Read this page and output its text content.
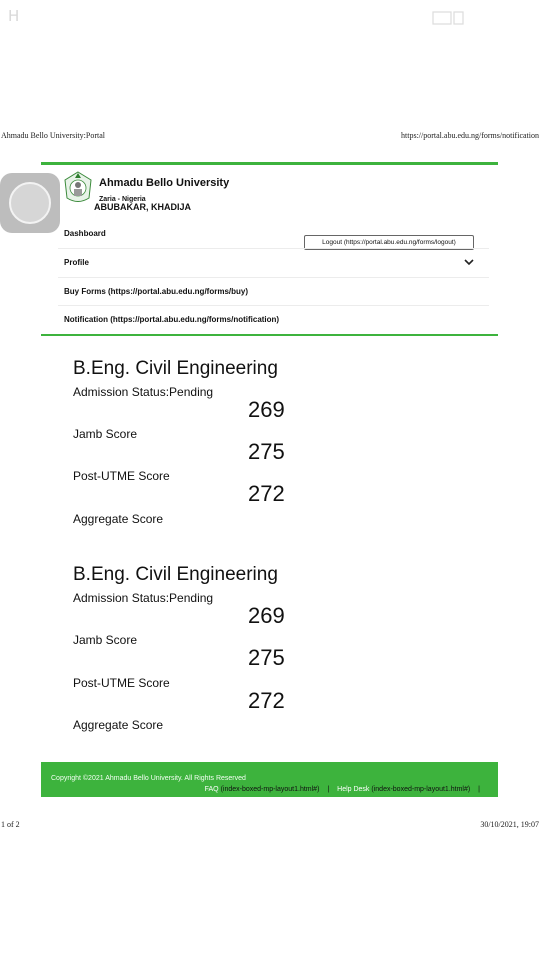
H
Ahmadu Bello University:Portal	https://portal.abu.edu.ng/forms/notification
Ahmadu Bello University
Zaria - Nigeria
ABUBAKAR, KHADIJA
Dashboard
Logout (https://portal.abu.edu.ng/forms/logout)
Profile
Buy Forms (https://portal.abu.edu.ng/forms/buy)
Notification (https://portal.abu.edu.ng/forms/notification)
B.Eng. Civil Engineering
Admission Status:Pending
269
Jamb Score
275
Post-UTME Score
272
Aggregate Score
B.Eng. Civil Engineering
Admission Status:Pending
269
Jamb Score
275
Post-UTME Score
272
Aggregate Score
Copyright ©2021 Ahmadu Bello University. All Rights Reserved
FAQ (index-boxed-mp-layout1.html#) | Help Desk (index-boxed-mp-layout1.html#) |
1 of 2	30/10/2021, 19:07
